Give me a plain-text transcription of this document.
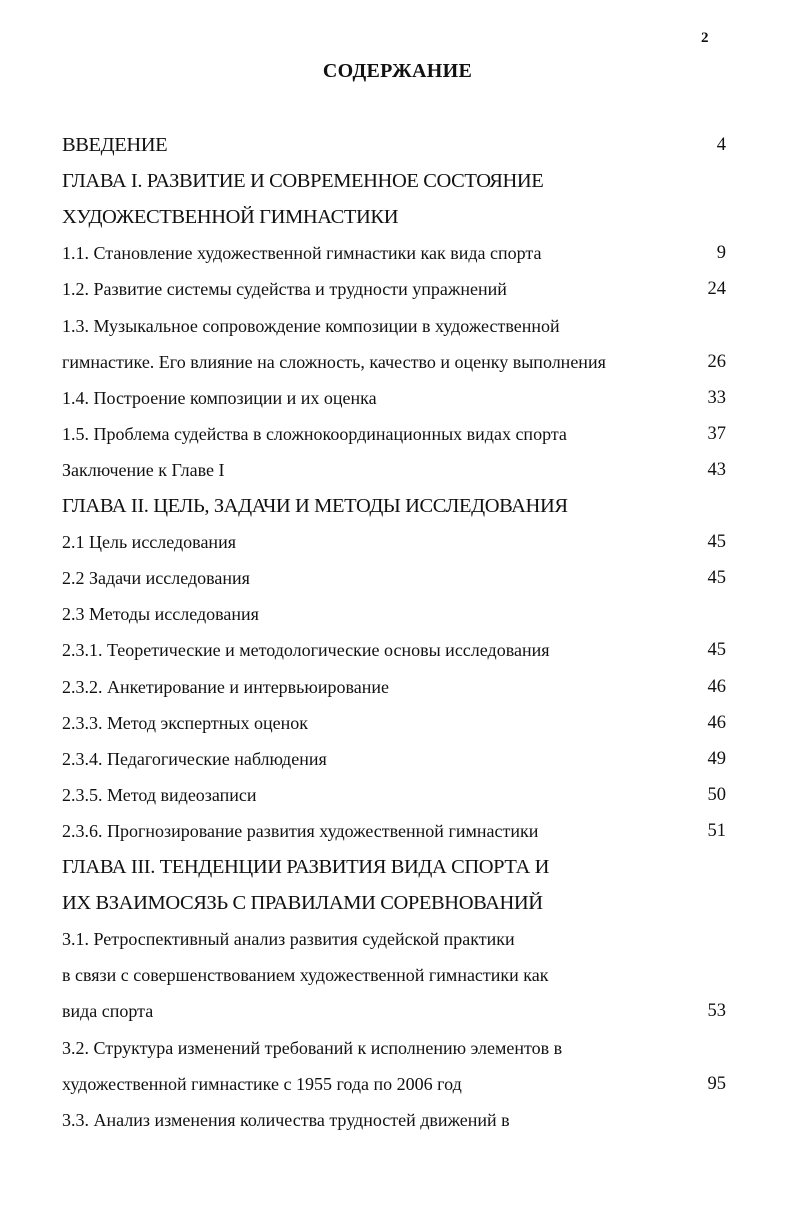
2
СОДЕРЖАНИЕ
ВВЕДЕНИЕ	4
ГЛАВА I. РАЗВИТИЕ И СОВРЕМЕННОЕ СОСТОЯНИЕ
ХУДОЖЕСТВЕННОЙ ГИМНАСТИКИ
1.1. Становление художественной гимнастики как вида спорта	9
1.2. Развитие системы судейства и трудности упражнений	24
1.3. Музыкальное сопровождение композиции в художественной
гимнастике. Его влияние на сложность, качество и оценку выполнения	26
1.4. Построение композиции и их оценка	33
1.5. Проблема судейства в сложнокоординационных видах спорта	37
Заключение к Главе I	43
ГЛАВА II. ЦЕЛЬ, ЗАДАЧИ И МЕТОДЫ ИССЛЕДОВАНИЯ
2.1 Цель исследования	45
2.2 Задачи исследования	45
2.3 Методы исследования
2.3.1. Теоретические и методологические основы исследования	45
2.3.2. Анкетирование и интервьюирование	46
2.3.3. Метод экспертных оценок	46
2.3.4. Педагогические наблюдения	49
2.3.5. Метод видеозаписи	50
2.3.6. Прогнозирование развития художественной гимнастики	51
ГЛАВА III. ТЕНДЕНЦИИ РАЗВИТИЯ ВИДА СПОРТА И
ИХ ВЗАИМОСЯЗЬ С ПРАВИЛАМИ СОРЕВНОВАНИЙ
3.1. Ретроспективный анализ развития судейской практики
в связи с совершенствованием художественной гимнастики как
вида спорта	53
3.2. Структура изменений требований к исполнению элементов в
художественной гимнастике с 1955 года по 2006 год	95
3.3. Анализ изменения количества трудностей движений в
